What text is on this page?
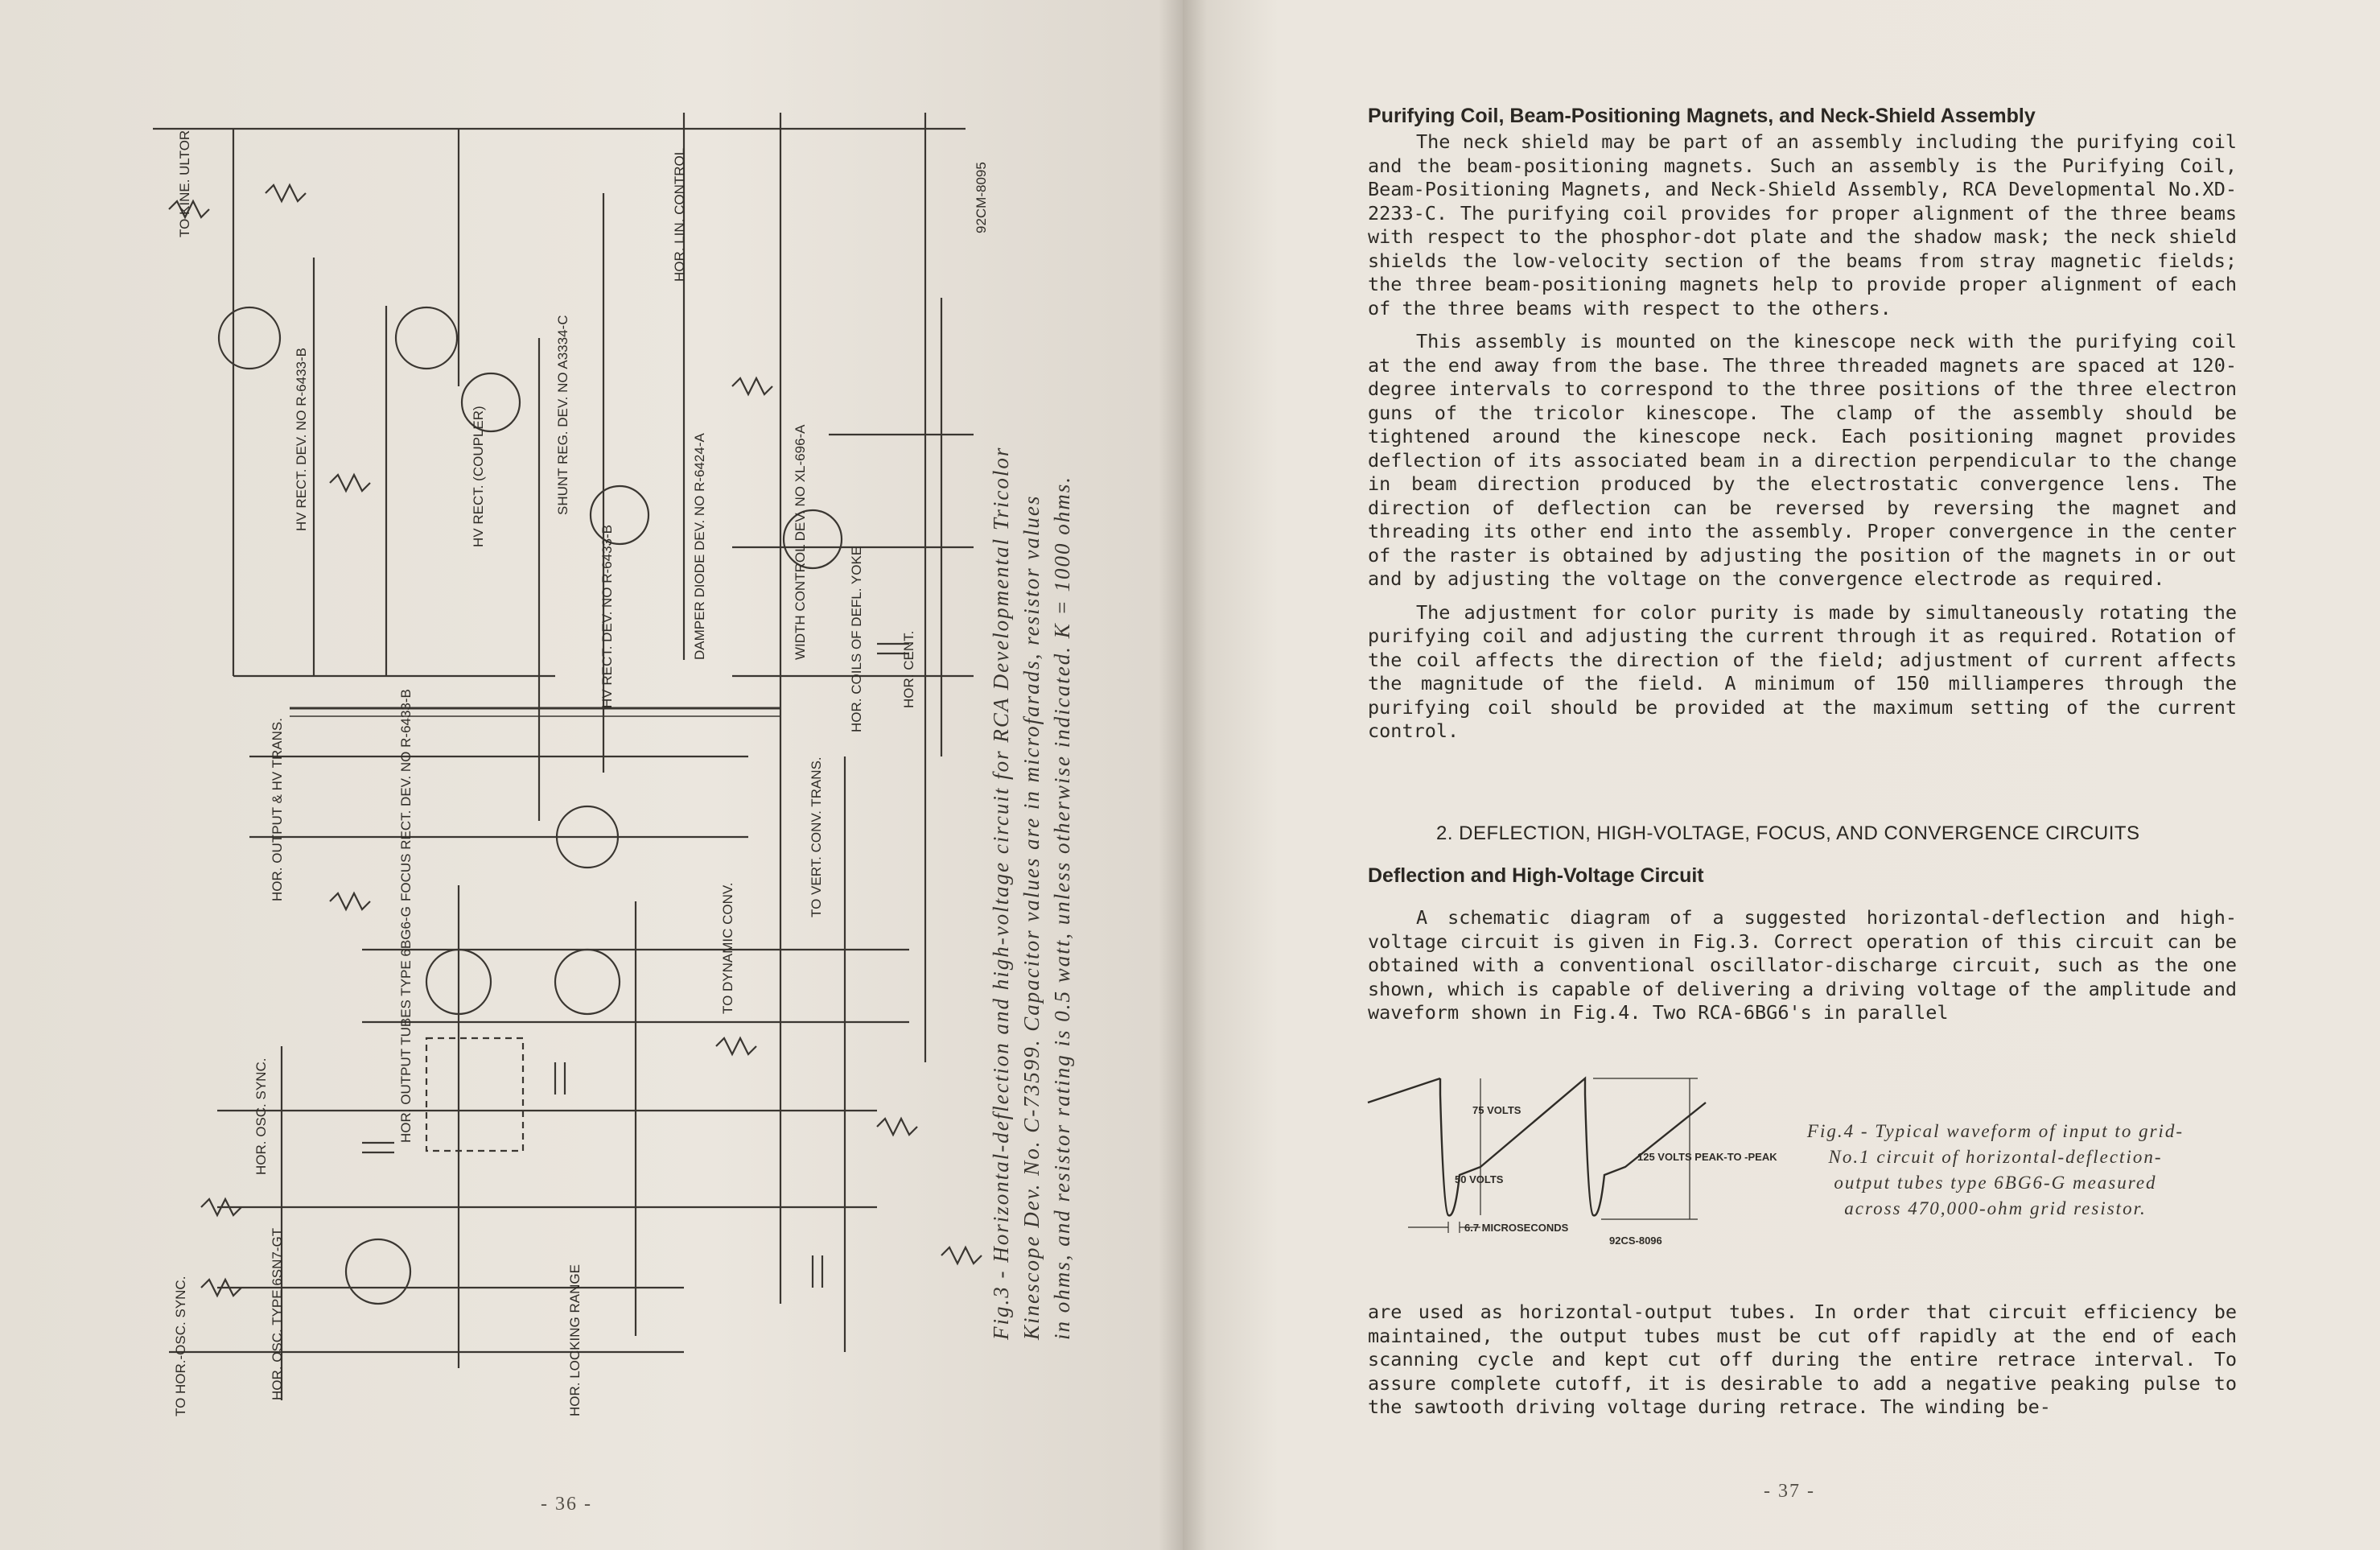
TO KINE. ULTOR
HV RECT. DEV. NO R-6433-B	HV RECT. (COUPLER)	SHUNT REG. DEV. NO A3334-C
HV RECT. DEV. NO R-6433-B
HOR. LIN. CONTROL
DAMPER DIODE DEV. NO R-6424-A	WIDTH CONTROL DEV. NO XL-696-A	HOR. COILS OF DEFL. YOKE	HOR. CENT.
HOR. OUTPUT & HV TRANS.	FOCUS RECT. DEV. NO R-6433-B	TO VERT. CONV. TRANS.
HOR. OUTPUT TUBES TYPE 6BG6-G	TO DYNAMIC CONV.
HOR. OSC. SYNC.
HOR. OSC. TYPE 6SN7-GT
TO HOR.-OSC. SYNC.	HOR. LOCKING RANGE
92CM-8095
Fig.3 - Horizontal-deflection and high-voltage circuit for RCA Developmental Tricolor Kinescope Dev. No. C-73599. Capacitor values are in microfarads, resistor values in ohms, and resistor rating is 0.5 watt, unless otherwise indicated. K = 1000 ohms.
- 36 -
Purifying Coil, Beam-Positioning Magnets, and Neck-Shield Assembly

The neck shield may be part of an assembly including the purifying coil and the beam-positioning magnets. Such an assembly is the Purifying Coil, Beam-Positioning Magnets, and Neck-Shield Assembly, RCA Developmental No.XD-2233-C. The purifying coil provides for proper alignment of the three beams with respect to the phosphor-dot plate and the shadow mask; the neck shield shields the low-velocity section of the beams from stray magnetic fields; the three beam-positioning magnets help to provide proper alignment of each of the three beams with respect to the others.

This assembly is mounted on the kinescope neck with the purifying coil at the end away from the base. The three threaded magnets are spaced at 120-degree intervals to correspond to the three positions of the three electron guns of the tricolor kinescope. The clamp of the assembly should be tightened around the kinescope neck. Each positioning magnet provides deflection of its associated beam in a direction perpendicular to the change in beam direction produced by the electrostatic convergence lens. The direction of deflection can be reversed by reversing the magnet and threading its other end into the assembly. Proper convergence in the center of the raster is obtained by adjusting the position of the magnets in or out and by adjusting the voltage on the convergence electrode as required.

The adjustment for color purity is made by simultaneously rotating the purifying coil and adjusting the current through it as required. Rotation of the coil affects the direction of the field; adjustment of current affects the magnitude of the field. A minimum of 150 milliamperes through the purifying coil should be provided at the maximum setting of the current control.

2. DEFLECTION, HIGH-VOLTAGE, FOCUS, AND CONVERGENCE CIRCUITS
Deflection and High-Voltage Circuit

A schematic diagram of a suggested horizontal-deflection and high-voltage circuit is given in Fig.3. Correct operation of this circuit can be obtained with a conventional oscillator-discharge circuit, such as the one shown, which is capable of delivering a driving voltage of the amplitude and waveform shown in Fig.4. Two RCA-6BG6's in parallel

75 VOLTS
50 VOLTS
125 VOLTS PEAK-TO -PEAK
6.7 MICROSECONDS
92CS-8096
Fig.4 - Typical waveform of input to grid-
No.1 circuit of horizontal-deflection-
output tubes type 6BG6-G measured
across 470,000-ohm grid resistor.

are used as horizontal-output tubes. In order that circuit efficiency be maintained, the output tubes must be cut off rapidly at the end of each scanning cycle and kept cut off during the entire retrace interval. To assure complete cutoff, it is desirable to add a negative peaking pulse to the sawtooth driving voltage during retrace. The winding be-

- 37 -
